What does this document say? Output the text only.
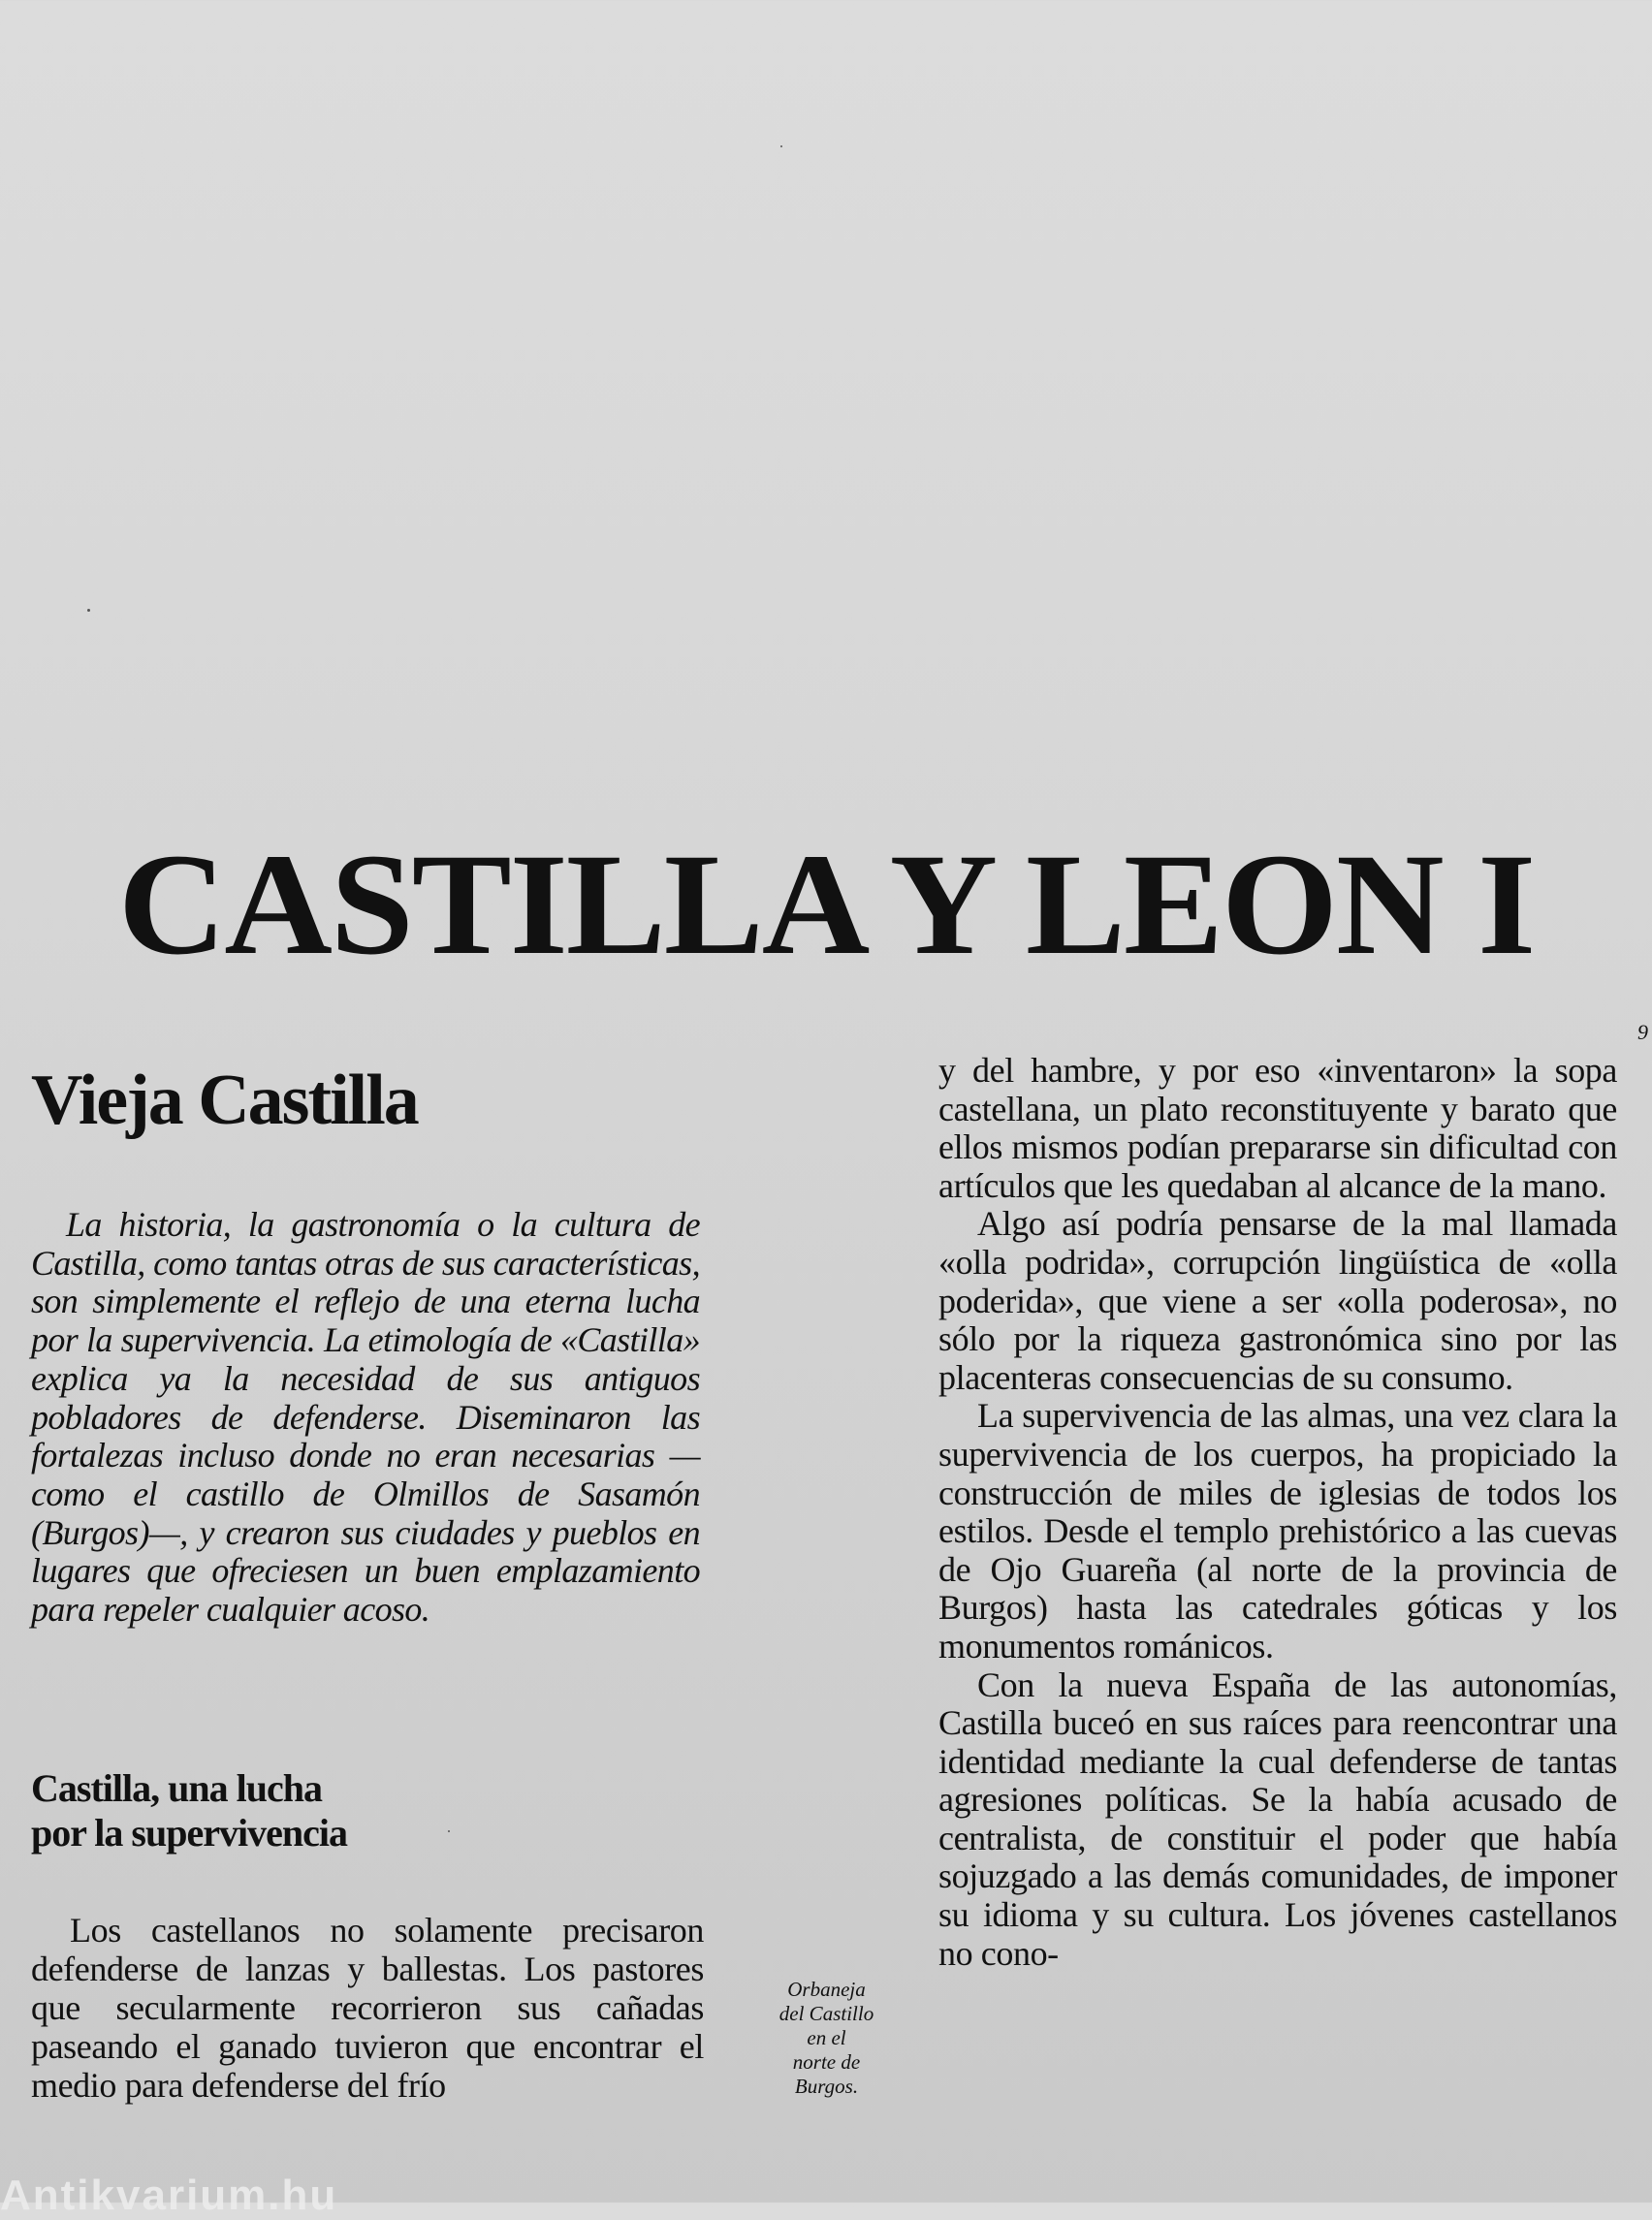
CASTILLA Y LEON I
9
Vieja Castilla

La historia, la gastronomía o la cultura de Castilla, como tantas otras de sus características, son simplemente el reflejo de una eterna lucha por la supervivencia. La etimología de «Castilla» explica ya la necesidad de sus antiguos pobladores de defenderse. Diseminaron las fortalezas incluso donde no eran necesarias —como el castillo de Olmillos de Sasamón (Burgos)—, y crearon sus ciudades y pueblos en lugares que ofreciesen un buen emplazamiento para repeler cualquier acoso.

Castilla, una lucha
por la supervivencia

Los castellanos no solamente precisaron defenderse de lanzas y ballestas. Los pastores que secularmente recorrieron sus cañadas paseando el ganado tuvieron que encontrar el medio para defenderse del frío

Orbaneja
del Castillo
en el
norte de
Burgos.

y del hambre, y por eso «inventaron» la sopa castellana, un plato reconstituyente y barato que ellos mismos podían prepararse sin dificultad con artículos que les quedaban al alcance de la mano.

Algo así podría pensarse de la mal llamada «olla podrida», corrupción lingüística de «olla poderida», que viene a ser «olla poderosa», no sólo por la riqueza gastronómica sino por las placenteras consecuencias de su consumo.

La supervivencia de las almas, una vez clara la supervivencia de los cuerpos, ha propiciado la construcción de miles de iglesias de todos los estilos. Desde el templo prehistórico a las cuevas de Ojo Guareña (al norte de la provincia de Burgos) hasta las catedrales góticas y los monumentos románicos.

Con la nueva España de las autonomías, Castilla buceó en sus raíces para reencontrar una identidad mediante la cual defenderse de tantas agresiones políticas. Se la había acusado de centralista, de constituir el poder que había sojuzgado a las demás comunidades, de imponer su idioma y su cultura. Los jóvenes castellanos no cono-

Antikvarium.hu
